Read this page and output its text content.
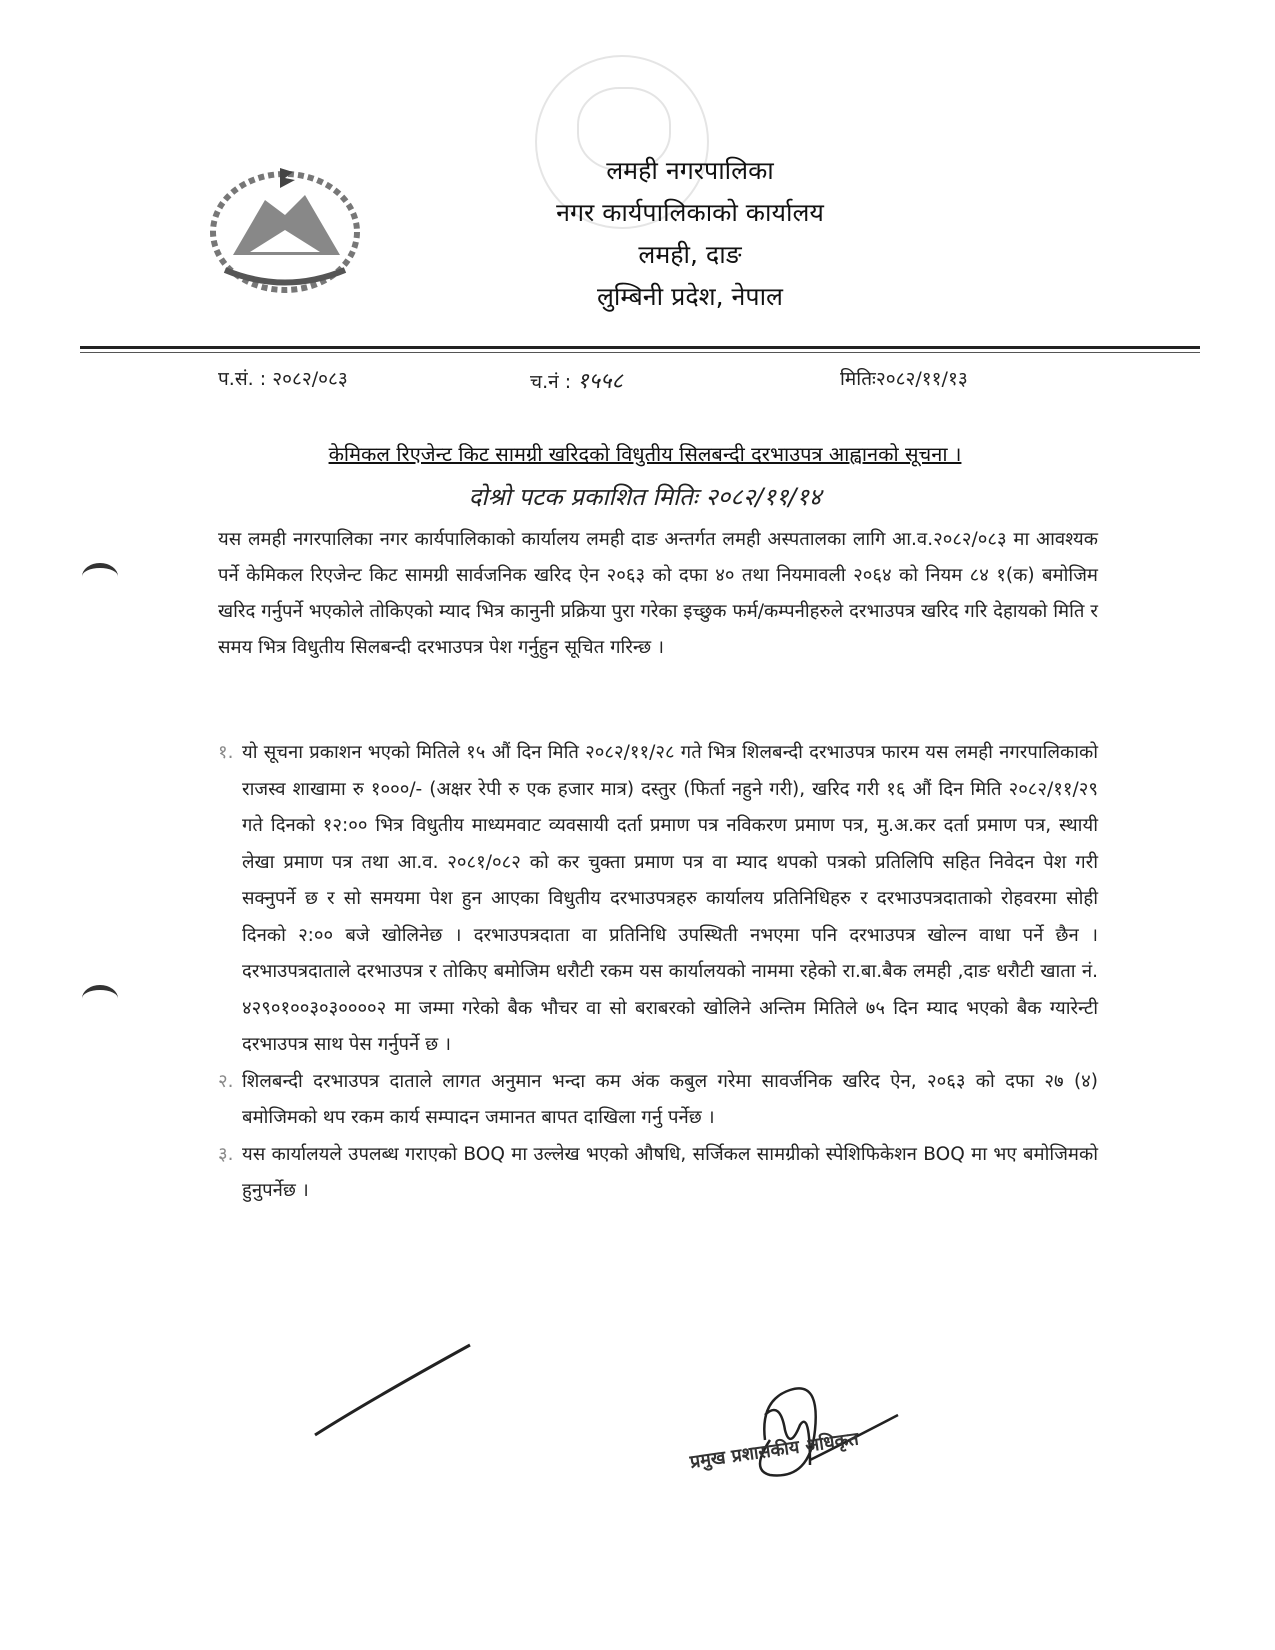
लमही नगरपालिका
नगर कार्यपालिकाको कार्यालय
लमही, दाङ
लुम्बिनी प्रदेश, नेपाल
प.सं. : २०८२/०८३	च.नं : १५५८	मितिः२०८२/११/१३
केमिकल रिएजेन्ट किट सामग्री खरिदको विधुतीय सिलबन्दी दरभाउपत्र आह्वानको सूचना ।
दोश्रो पटक प्रकाशित मितिः २०८२/११/१४
यस लमही नगरपालिका नगर कार्यपालिकाको कार्यालय लमही दाङ अन्तर्गत लमही अस्पतालका लागि आ.व.२०८२/०८३ मा आवश्यक पर्ने केमिकल रिएजेन्ट किट सामग्री सार्वजनिक खरिद ऐन २०६३ को दफा ४० तथा नियमावली २०६४ को नियम ८४ १(क) बमोजिम खरिद गर्नुपर्ने भएकोले तोकिएको म्याद भित्र कानुनी प्रक्रिया पुरा गरेका इच्छुक फर्म/कम्पनीहरुले दरभाउपत्र खरिद गरि देहायको मिति र समय भित्र विधुतीय सिलबन्दी दरभाउपत्र पेश गर्नुहुन सूचित गरिन्छ ।
१. यो सूचना प्रकाशन भएको मितिले १५ औं दिन मिति २०८२/११/२८ गते भित्र शिलबन्दी दरभाउपत्र फारम यस लमही नगरपालिकाको राजस्व शाखामा रु १०००/- (अक्षर रेपी रु एक हजार मात्र) दस्तुर (फिर्ता नहुने गरी), खरिद गरी १६ औं दिन मिति २०८२/११/२९ गते दिनको १२:०० भित्र विधुतीय माध्यमवाट व्यवसायी दर्ता प्रमाण पत्र नविकरण प्रमाण पत्र, मु.अ.कर दर्ता प्रमाण पत्र, स्थायी लेखा प्रमाण पत्र तथा आ.व. २०८१/०८२ को कर चुक्ता प्रमाण पत्र वा म्याद थपको पत्रको प्रतिलिपि सहित निवेदन पेश गरी सक्नुपर्ने छ र सो समयमा पेश हुन आएका विधुतीय दरभाउपत्रहरु कार्यालय प्रतिनिधिहरु र दरभाउपत्रदाताको रोहवरमा सोही दिनको २:०० बजे खोलिनेछ । दरभाउपत्रदाता वा प्रतिनिधि उपस्थिती नभएमा पनि दरभाउपत्र खोल्न वाधा पर्ने छैन । दरभाउपत्रदाताले दरभाउपत्र र तोकिए बमोजिम धरौटी रकम यस कार्यालयको नाममा रहेको रा.बा.बैक लमही ,दाङ धरौटी खाता नं. ४२९०१००३०३००००२ मा जम्मा गरेको बैक भौचर वा सो बराबरको खोलिने अन्तिम मितिले ७५ दिन म्याद भएको बैक ग्यारेन्टी दरभाउपत्र साथ पेस गर्नुपर्ने छ ।
२. शिलबन्दी दरभाउपत्र दाताले लागत अनुमान भन्दा कम अंक कबुल गरेमा सावर्जनिक खरिद ऐन, २०६३ को दफा २७ (४) बमोजिमको थप रकम कार्य सम्पादन जमानत बापत दाखिला गर्नु पर्नेछ ।
३. यस कार्यालयले उपलब्ध गराएको BOQ मा उल्लेख भएको औषधि, सर्जिकल सामग्रीको स्पेशिफिकेशन BOQ मा भए बमोजिमको हुनुपर्नेछ ।
प्रमुख प्रशासकीय अधिकृत
